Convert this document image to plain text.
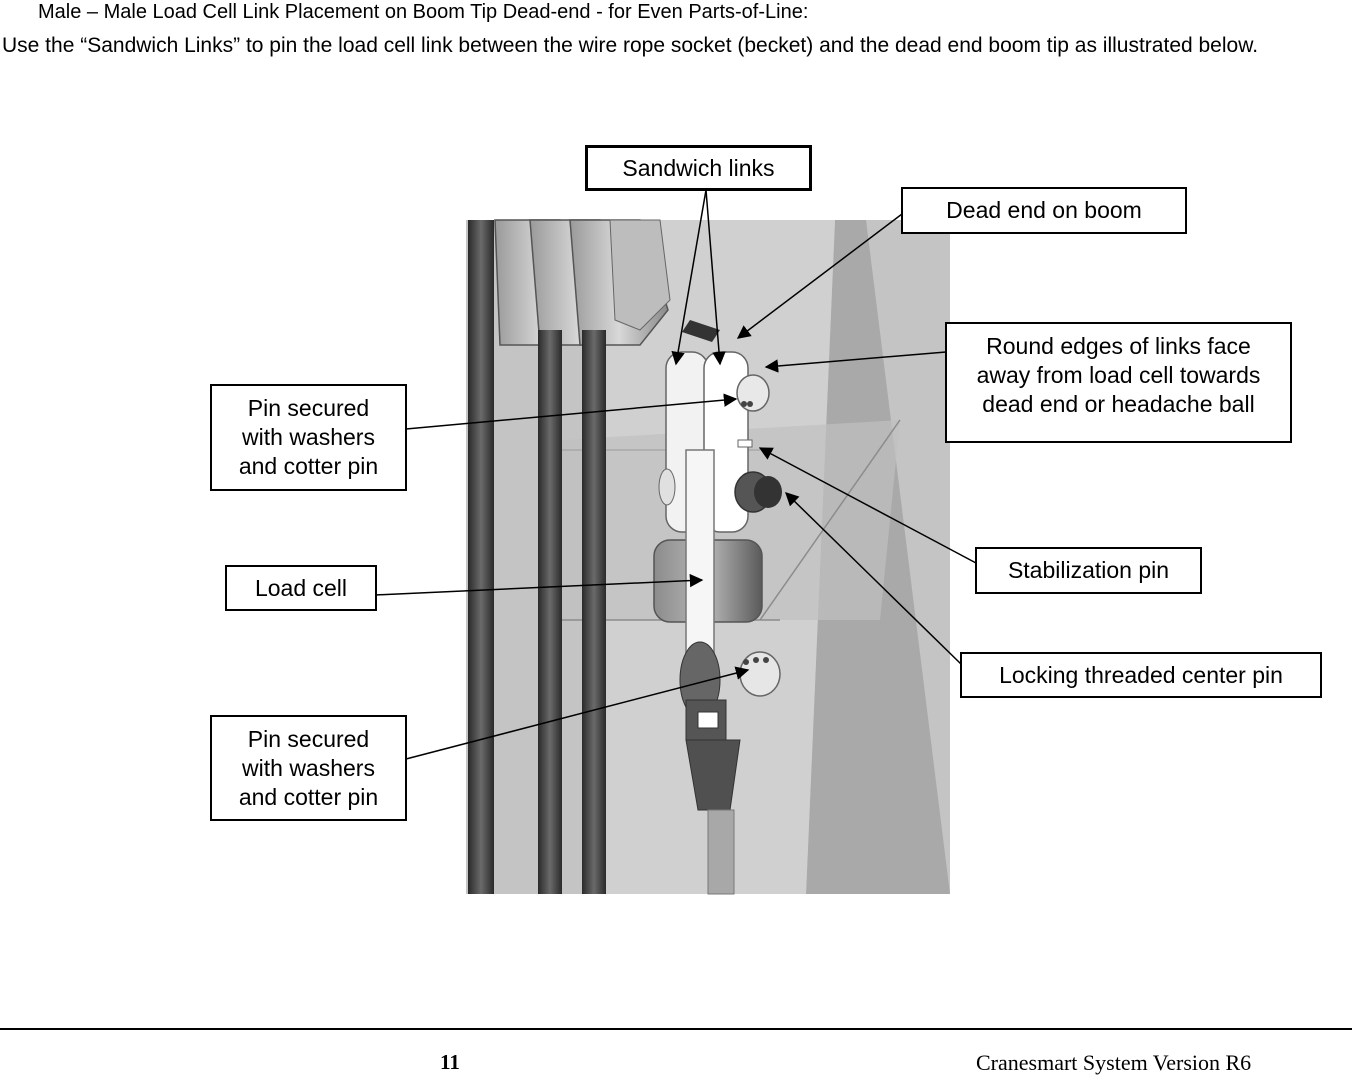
Male – Male Load Cell Link Placement on Boom Tip Dead-end - for Even Parts-of-Line:
Use the “Sandwich Links” to pin the load cell link between the wire rope socket (becket) and the dead end boom tip as illustrated below.
Sandwich links
Dead end on boom
Round edges of links face away from load cell towards dead end or headache ball
Pin secured
with washers
and cotter pin
Load cell
Stabilization pin
Locking threaded center pin
Pin secured
with washers
and cotter pin
11	Cranesmart System Version R6
